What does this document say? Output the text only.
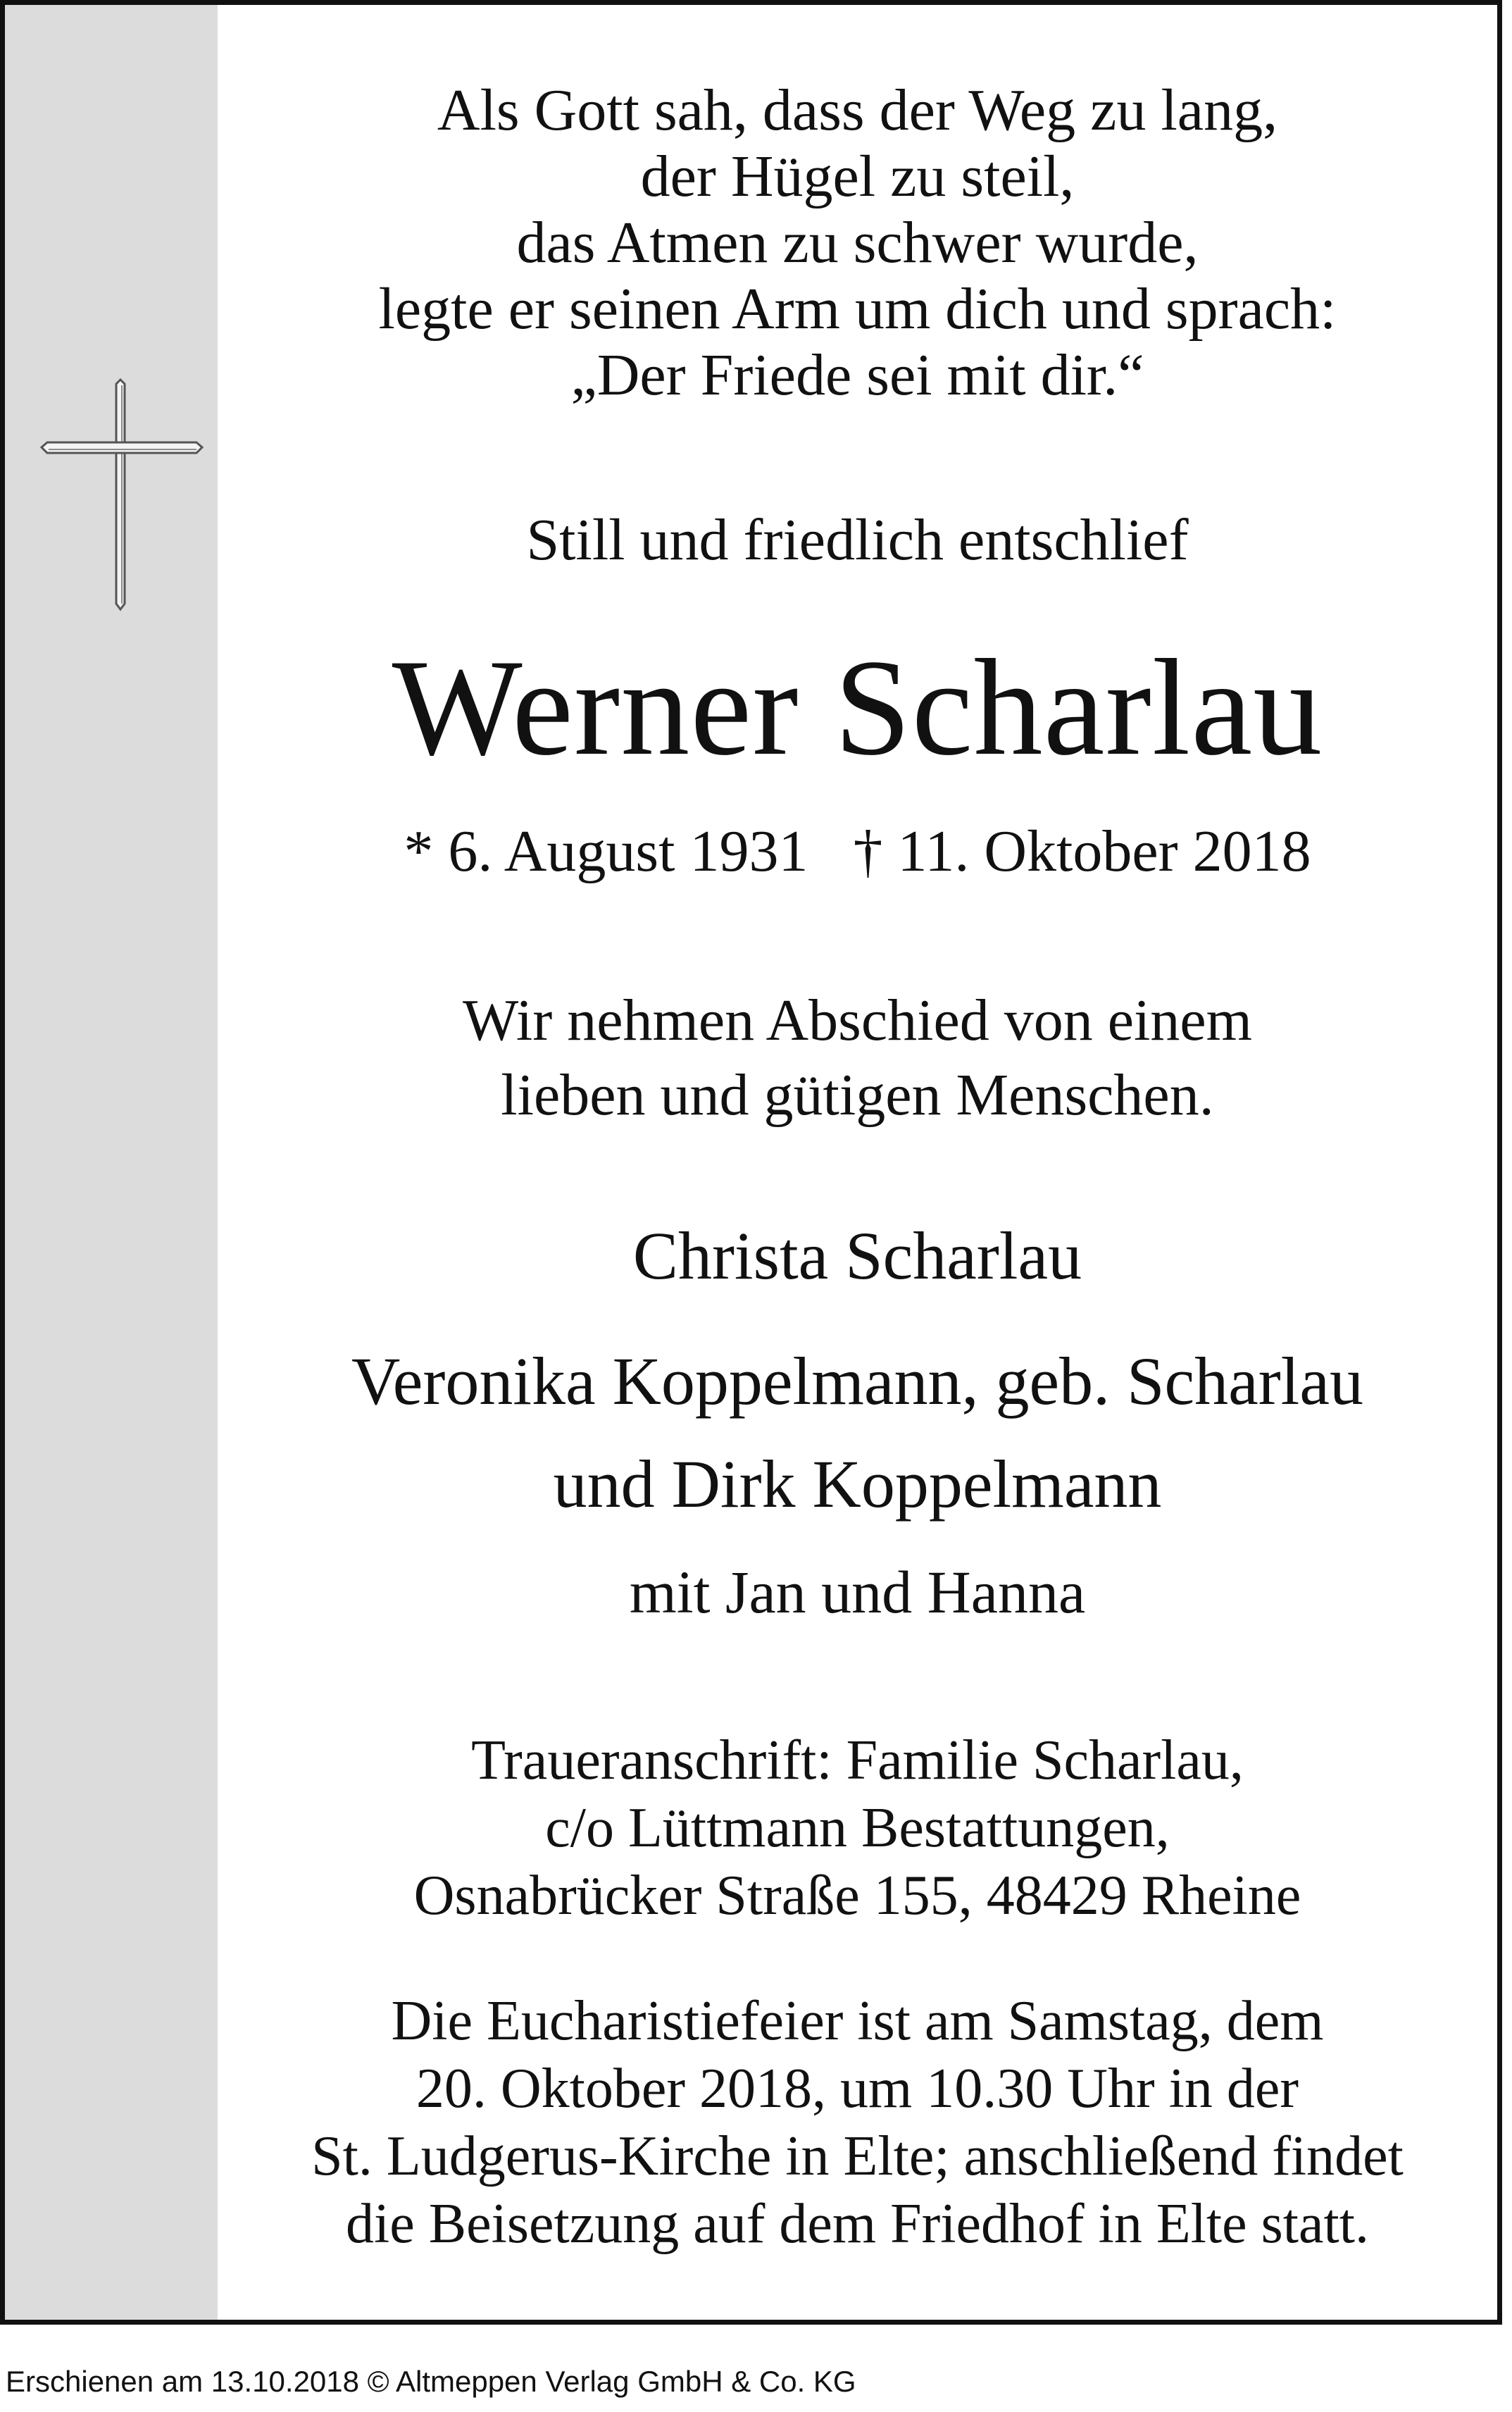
Als Gott sah, dass der Weg zu lang,
der Hügel zu steil,
das Atmen zu schwer wurde,
legte er seinen Arm um dich und sprach:
„Der Friede sei mit dir.“
Still und friedlich entschlief
Werner Scharlau
* 6. August 1931 † 11. Oktober 2018
Wir nehmen Abschied von einem
lieben und gütigen Menschen.
Christa Scharlau
Veronika Koppelmann, geb. Scharlau
und Dirk Koppelmann
mit Jan und Hanna
Traueranschrift: Familie Scharlau,
c/o Lüttmann Bestattungen,
Osnabrücker Straße 155, 48429 Rheine
Die Eucharistiefeier ist am Samstag, dem
20. Oktober 2018, um 10.30 Uhr in der
St. Ludgerus-Kirche in Elte; anschließend findet
die Beisetzung auf dem Friedhof in Elte statt.
Erschienen am 13.10.2018 © Altmeppen Verlag GmbH & Co. KG
